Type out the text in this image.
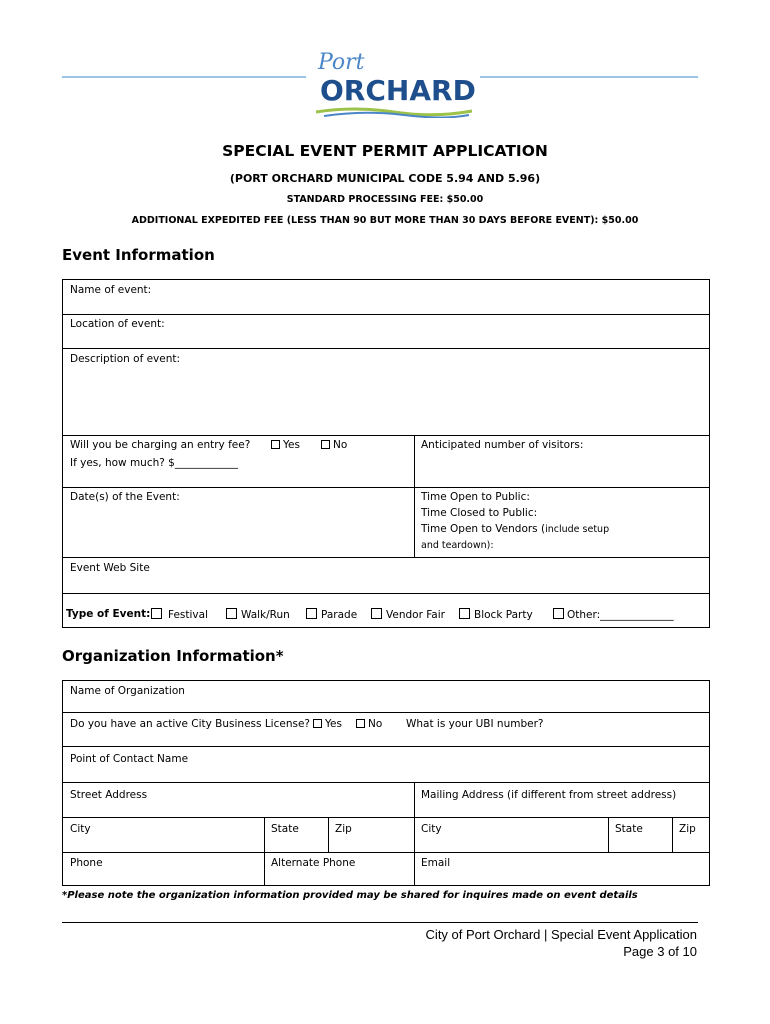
Port
ORCHARD
SPECIAL EVENT PERMIT APPLICATION
(PORT ORCHARD MUNICIPAL CODE 5.94 AND 5.96)
STANDARD PROCESSING FEE: $50.00
ADDITIONAL EXPEDITED FEE (LESS THAN 90 BUT MORE THAN 30 DAYS BEFORE EVENT): $50.00
Event Information
Name of event:
Location of event:
Description of event:
Will you be charging an entry fee?	Yes	No
If yes, how much? $____________
Anticipated number of visitors:
Date(s) of the Event:	Time Open to Public:
Time Closed to Public:
Time Open to Vendors (include setup
and teardown):
Event Web Site
Type of Event:	Festival	Walk/Run	Parade	Vendor Fair	Block Party	Other:______________
Organization Information*
Name of Organization
Do you have an active City Business License?	Yes	No What is your UBI number?
Point of Contact Name
Street Address	Mailing Address (if different from street address)
City	State	Zip	City	State	Zip
Phone	Alternate Phone	Email
*Please note the organization information provided may be shared for inquires made on event details
City of Port Orchard | Special Event Application
Page 3 of 10
